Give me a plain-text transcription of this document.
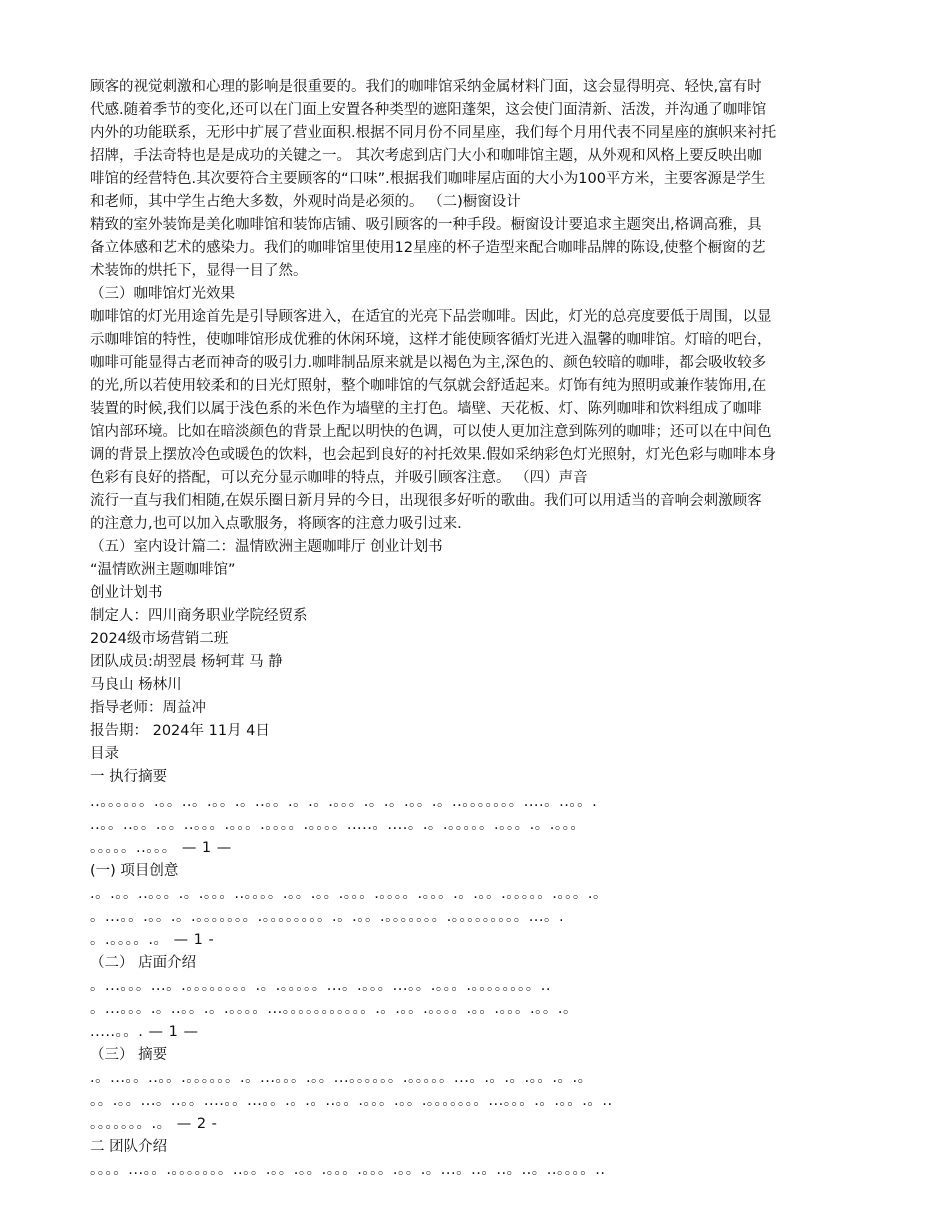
顾客的视觉刺激和心理的影响是很重要的。我们的咖啡馆采纳金属材料门面，这会显得明亮、轻快,富有时
代感.随着季节的变化,还可以在门面上安置各种类型的遮阳蓬架，这会使门面清新、活泼，并沟通了咖啡馆
内外的功能联系，无形中扩展了营业面积.根据不同月份不同星座，我们每个月用代表不同星座的旗帜来衬托
招牌，手法奇特也是是成功的关键之一。 其次考虑到店门大小和咖啡馆主题，从外观和风格上要反映出咖
啡馆的经营特色.其次要符合主要顾客的“口味”.根据我们咖啡屋店面的大小为100平方米，主要客源是学生
和老师，其中学生占绝大多数，外观时尚是必须的。 （二)橱窗设计
精致的室外装饰是美化咖啡馆和装饰店铺、吸引顾客的一种手段。橱窗设计要追求主题突出,格调高雅，具
备立体感和艺术的感染力。我们的咖啡馆里使用12星座的杯子造型来配合咖啡品牌的陈设,使整个橱窗的艺
术装饰的烘托下，显得一目了然。
（三）咖啡馆灯光效果
咖啡馆的灯光用途首先是引导顾客进入，在适宜的光亮下品尝咖啡。因此，灯光的总亮度要低于周围，以显
示咖啡馆的特性，使咖啡馆形成优雅的休闲环境，这样才能使顾客循灯光进入温馨的咖啡馆。灯暗的吧台，
咖啡可能显得古老而神奇的吸引力.咖啡制品原来就是以褐色为主,深色的、颜色较暗的咖啡，都会吸收较多
的光,所以若使用较柔和的日光灯照射，整个咖啡馆的气氛就会舒适起来。灯饰有纯为照明或兼作装饰用,在
装置的时候,我们以属于浅色系的米色作为墙壁的主打色。墙壁、天花板、灯、陈列咖啡和饮料组成了咖啡
馆内部环境。比如在暗淡颜色的背景上配以明快的色调，可以使人更加注意到陈列的咖啡；还可以在中间色
调的背景上摆放冷色或暖色的饮料，也会起到良好的衬托效果.假如采纳彩色灯光照射，灯光色彩与咖啡本身
色彩有良好的搭配，可以充分显示咖啡的特点，并吸引顾客注意。 （四）声音
流行一直与我们相随,在娱乐圈日新月异的今日，出现很多好听的歌曲。我们可以用适当的音响会刺激顾客
的注意力,也可以加入点歌服务，将顾客的注意力吸引过来.
（五）室内设计篇二：温情欧洲主题咖啡厅 创业计划书
“温情欧洲主题咖啡馆”
创业计划书
制定人：四川商务职业学院经贸系
2024级市场营销二班
团队成员:胡翌晨 杨轲茸 马 静
马良山 杨林川
指导老师：周益冲
报告期： 2024年 11月 4日
目录
一 执行摘要
..。。。。。。.。。..。.。。.。..。。.。.。.。。。.。.。.。。.。..。。。。。。。....。..。。.
..。。..。。.。。..。。。.。。。.。。。。.。。。。.....。....。.。.。。。。。.。。。.。.。。。
。。。。。..。。。 — 1 —
(一) 项目创意
.。.。。..。。。.。.。。。..。。。。.。。.。。.。。。.。。。。.。。。.。.。。.。。。。。.。。。.。
。...。。.。。.。.。。。。。。。.。。。。。。。。.。.。。.。。。。。。。.。。。。。。。。。...。.
。.。。。。.。 — 1 -
（二） 店面介绍
。...。。。...。.。。。。。。。。.。.。。。。。...。.。。。...。。.。。。.。。。。。。。。..
。...。。。.。..。。.。.。。。。...。。。。。。。。。。。.。.。。.。。。。.。。.。。。.。。.。
.....。。. — 1 —
（三） 摘要
.。...。。..。。.。。。。。。.。...。。。.。。...。。。。。。.。。。。。...。.。.。.。。.。.。
。。.。。...。..。。....。。...。。.。.。..。。.。。。.。。.。。。。。。。...。。。.。.。。.。..
。。。。。。。.。 — 2 -
二 团队介绍
。。。。...。。.。。。。。。。..。。.。。.。。.。。。.。。。.。。.。...。..。..。..。..。。。。..
